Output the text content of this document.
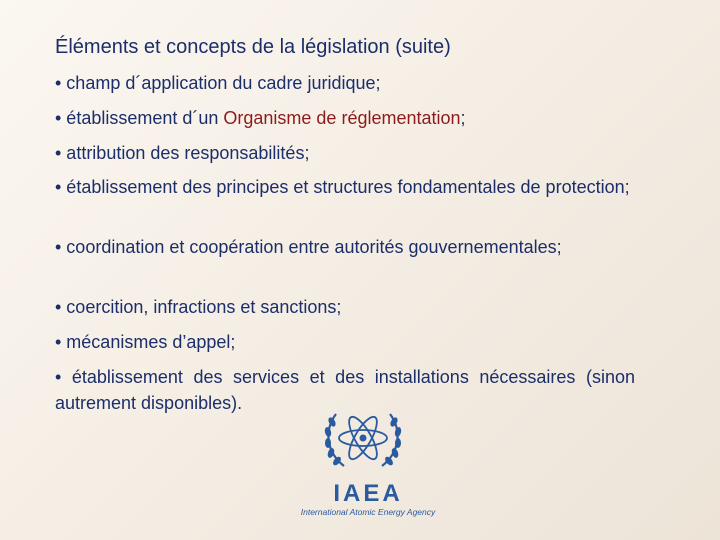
Éléments et concepts de la législation (suite)
• champ d´application du cadre juridique;
• établissement d´un Organisme de réglementation;
• attribution des responsabilités;
• établissement des principes et structures fondamentales de protection;
• coordination et coopération entre autorités gouvernementales;
• coercition, infractions et sanctions;
• mécanismes d’appel;
• établissement des services et des installations nécessaires (sinon autrement disponibles).
IAEA
International Atomic Energy Agency
